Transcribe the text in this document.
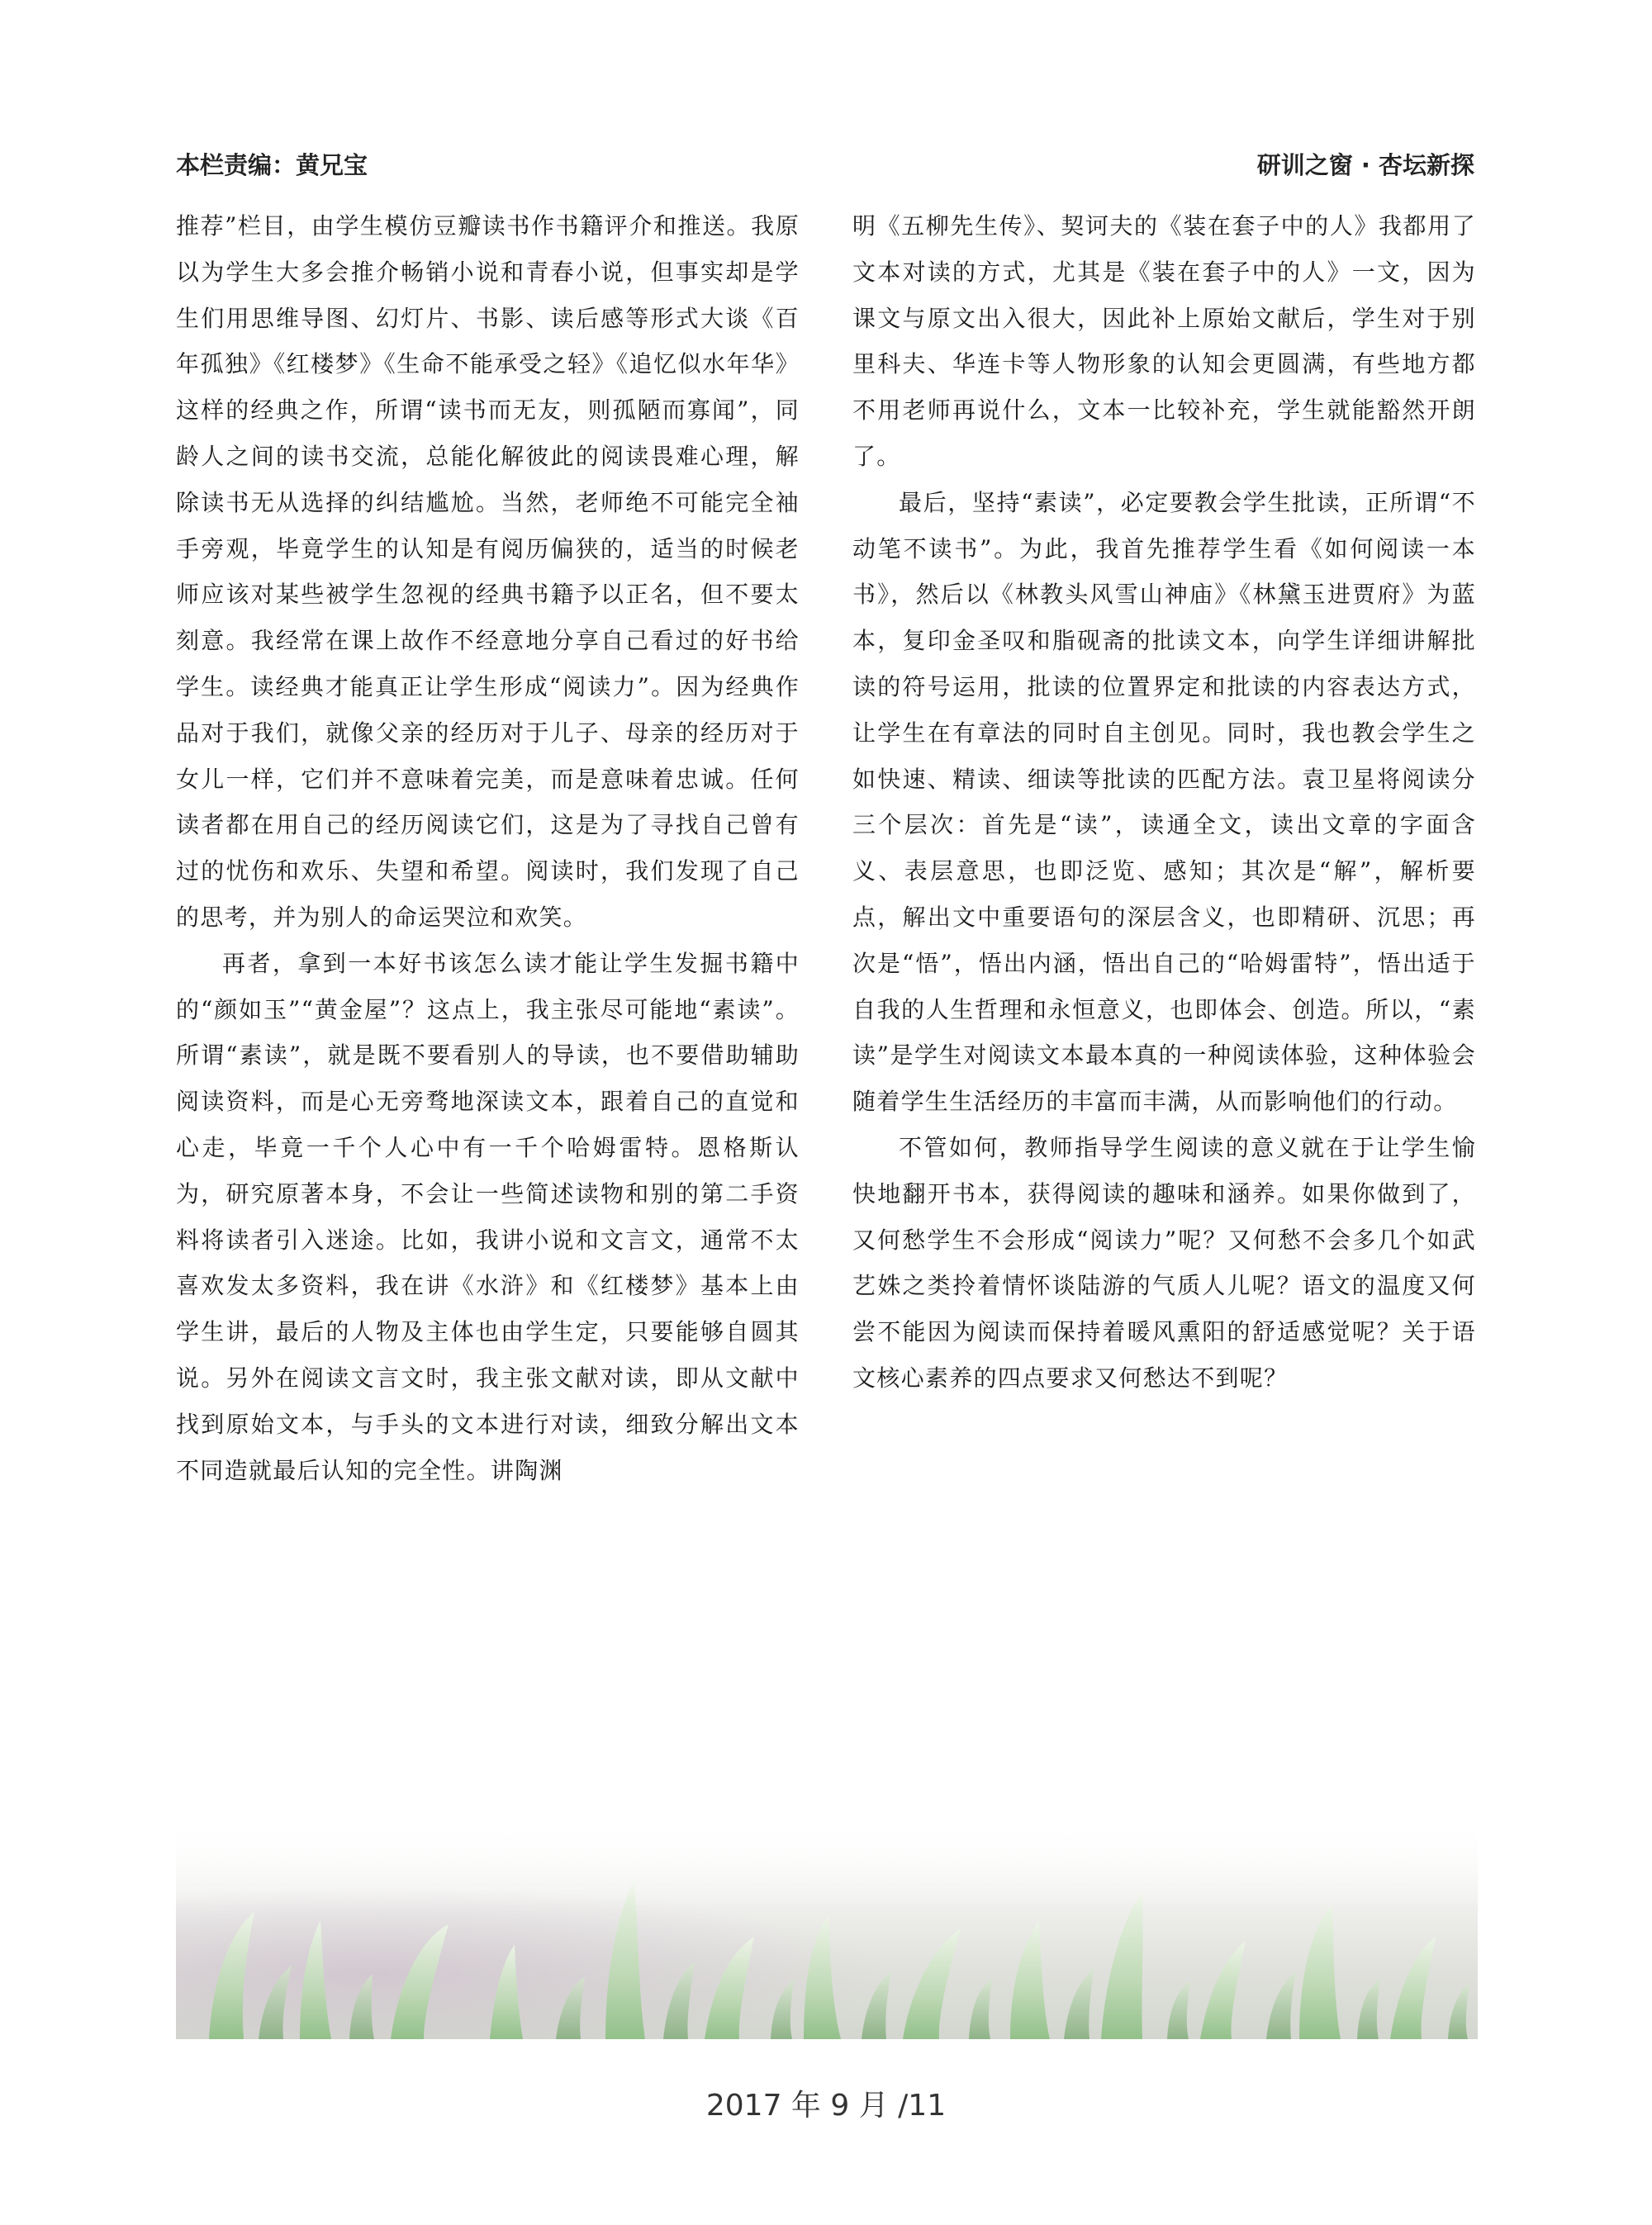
本栏责编：黄兄宝	研训之窗 · 杏坛新探

推荐”栏目，由学生模仿豆瓣读书作书籍评介和推送。我原以为学生大多会推介畅销小说和青春小说，但事实却是学生们用思维导图、幻灯片、书影、读后感等形式大谈《百年孤独》《红楼梦》《生命不能承受之轻》《追忆似水年华》这样的经典之作，所谓“读书而无友，则孤陋而寡闻”，同龄人之间的读书交流，总能化解彼此的阅读畏难心理，解除读书无从选择的纠结尴尬。当然，老师绝不可能完全袖手旁观，毕竟学生的认知是有阅历偏狭的，适当的时候老师应该对某些被学生忽视的经典书籍予以正名，但不要太刻意。我经常在课上故作不经意地分享自己看过的好书给学生。读经典才能真正让学生形成“阅读力”。因为经典作品对于我们，就像父亲的经历对于儿子、母亲的经历对于女儿一样，它们并不意味着完美，而是意味着忠诚。任何读者都在用自己的经历阅读它们，这是为了寻找自己曾有过的忧伤和欢乐、失望和希望。阅读时，我们发现了自己的思考，并为别人的命运哭泣和欢笑。

再者，拿到一本好书该怎么读才能让学生发掘书籍中的“颜如玉”“黄金屋”？这点上，我主张尽可能地“素读”。所谓“素读”，就是既不要看别人的导读，也不要借助辅助阅读资料，而是心无旁骛地深读文本，跟着自己的直觉和心走，毕竟一千个人心中有一千个哈姆雷特。恩格斯认为，研究原著本身，不会让一些简述读物和别的第二手资料将读者引入迷途。比如，我讲小说和文言文，通常不太喜欢发太多资料，我在讲《水浒》和《红楼梦》基本上由学生讲，最后的人物及主体也由学生定，只要能够自圆其说。另外在阅读文言文时，我主张文献对读，即从文献中找到原始文本，与手头的文本进行对读，细致分解出文本不同造就最后认知的完全性。讲陶渊

明《五柳先生传》、契诃夫的《装在套子中的人》我都用了文本对读的方式，尤其是《装在套子中的人》一文，因为课文与原文出入很大，因此补上原始文献后，学生对于别里科夫、华连卡等人物形象的认知会更圆满，有些地方都不用老师再说什么，文本一比较补充，学生就能豁然开朗了。

最后，坚持“素读”，必定要教会学生批读，正所谓“不动笔不读书”。为此，我首先推荐学生看《如何阅读一本书》，然后以《林教头风雪山神庙》《林黛玉进贾府》为蓝本，复印金圣叹和脂砚斋的批读文本，向学生详细讲解批读的符号运用，批读的位置界定和批读的内容表达方式，让学生在有章法的同时自主创见。同时，我也教会学生之如快速、精读、细读等批读的匹配方法。袁卫星将阅读分三个层次：首先是“读”，读通全文，读出文章的字面含义、表层意思，也即泛览、感知；其次是“解”，解析要点，解出文中重要语句的深层含义，也即精研、沉思；再次是“悟”，悟出内涵，悟出自己的“哈姆雷特”，悟出适于自我的人生哲理和永恒意义，也即体会、创造。所以，“素读”是学生对阅读文本最本真的一种阅读体验，这种体验会随着学生生活经历的丰富而丰满，从而影响他们的行动。

不管如何，教师指导学生阅读的意义就在于让学生愉快地翻开书本，获得阅读的趣味和涵养。如果你做到了，又何愁学生不会形成“阅读力”呢？又何愁不会多几个如武艺姝之类拎着情怀谈陆游的气质人儿呢？语文的温度又何尝不能因为阅读而保持着暖风熏阳的舒适感觉呢？关于语文核心素养的四点要求又何愁达不到呢？

2017 年 9 月 /11
